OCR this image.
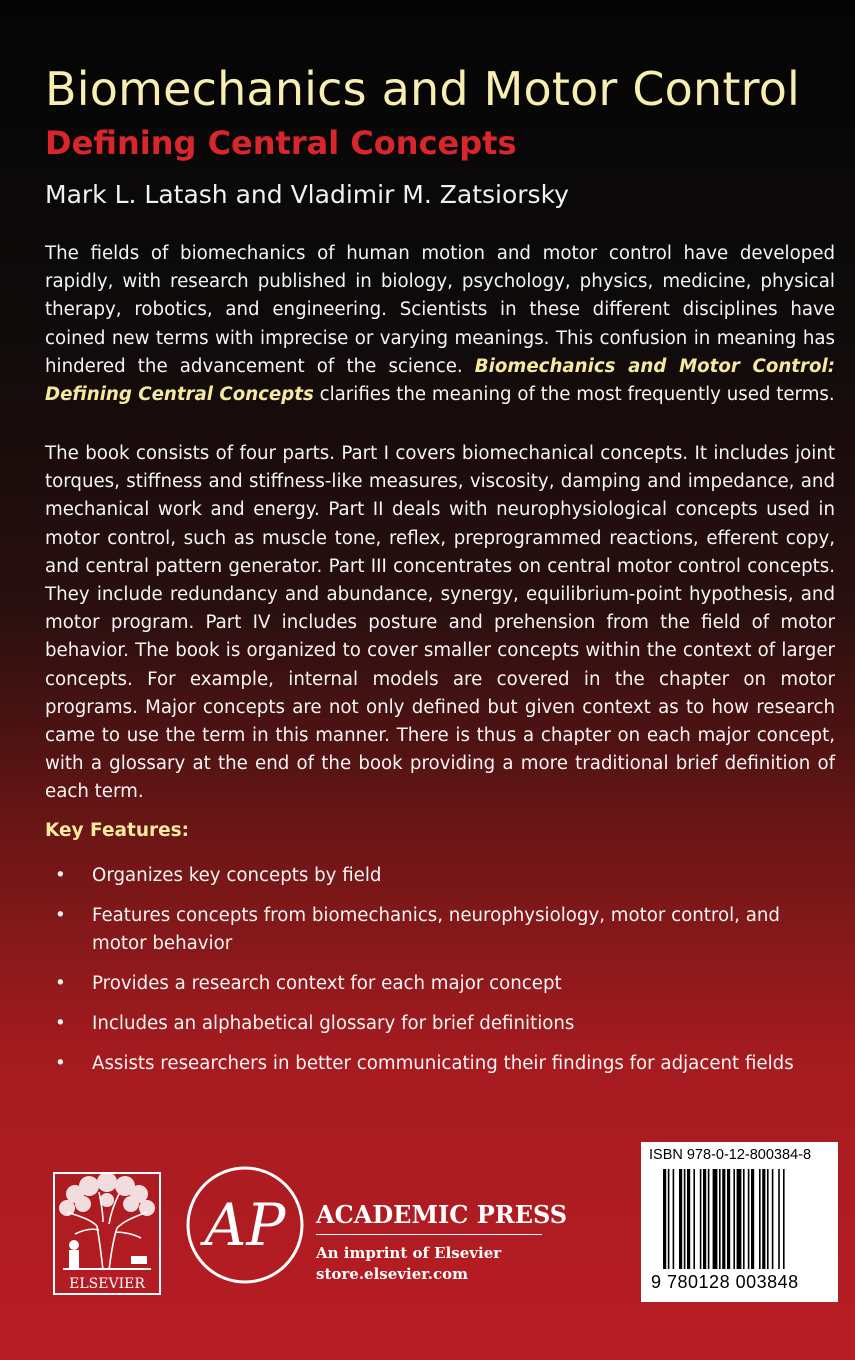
Biomechanics and Motor Control
Defining Central Concepts
Mark L. Latash and Vladimir M. Zatsiorsky

The fields of biomechanics of human motion and motor control have developed rapidly, with research published in biology, psychology, physics, medicine, physical therapy, robotics, and engineering. Scientists in these different disciplines have coined new terms with imprecise or varying meanings. This confusion in meaning has hindered the advancement of the science. Biomechanics and Motor Control: Defining Central Concepts clarifies the meaning of the most frequently used terms.

The book consists of four parts. Part I covers biomechanical concepts. It includes joint torques, stiffness and stiffness-like measures, viscosity, damping and impedance, and mechanical work and energy. Part II deals with neurophysiological concepts used in motor control, such as muscle tone, reflex, preprogrammed reactions, efferent copy, and central pattern generator. Part III concentrates on central motor control concepts. They include redundancy and abundance, synergy, equilibrium-point hypothesis, and motor program. Part IV includes posture and prehension from the field of motor behavior. The book is organized to cover smaller concepts within the context of larger concepts. For example, internal models are covered in the chapter on motor programs. Major concepts are not only defined but given context as to how research came to use the term in this manner. There is thus a chapter on each major concept, with a glossary at the end of the book providing a more traditional brief definition of each term.

Key Features:
• Organizes key concepts by field
• Features concepts from biomechanics, neurophysiology, motor control, and motor behavior
• Provides a research context for each major concept
• Includes an alphabetical glossary for brief definitions
• Assists researchers in better communicating their findings for adjacent fields
ELSEVIER
AP ACADEMIC PRESS
An imprint of Elsevier
store.elsevier.com
ISBN 978-0-12-800384-8
9 780128 003848
